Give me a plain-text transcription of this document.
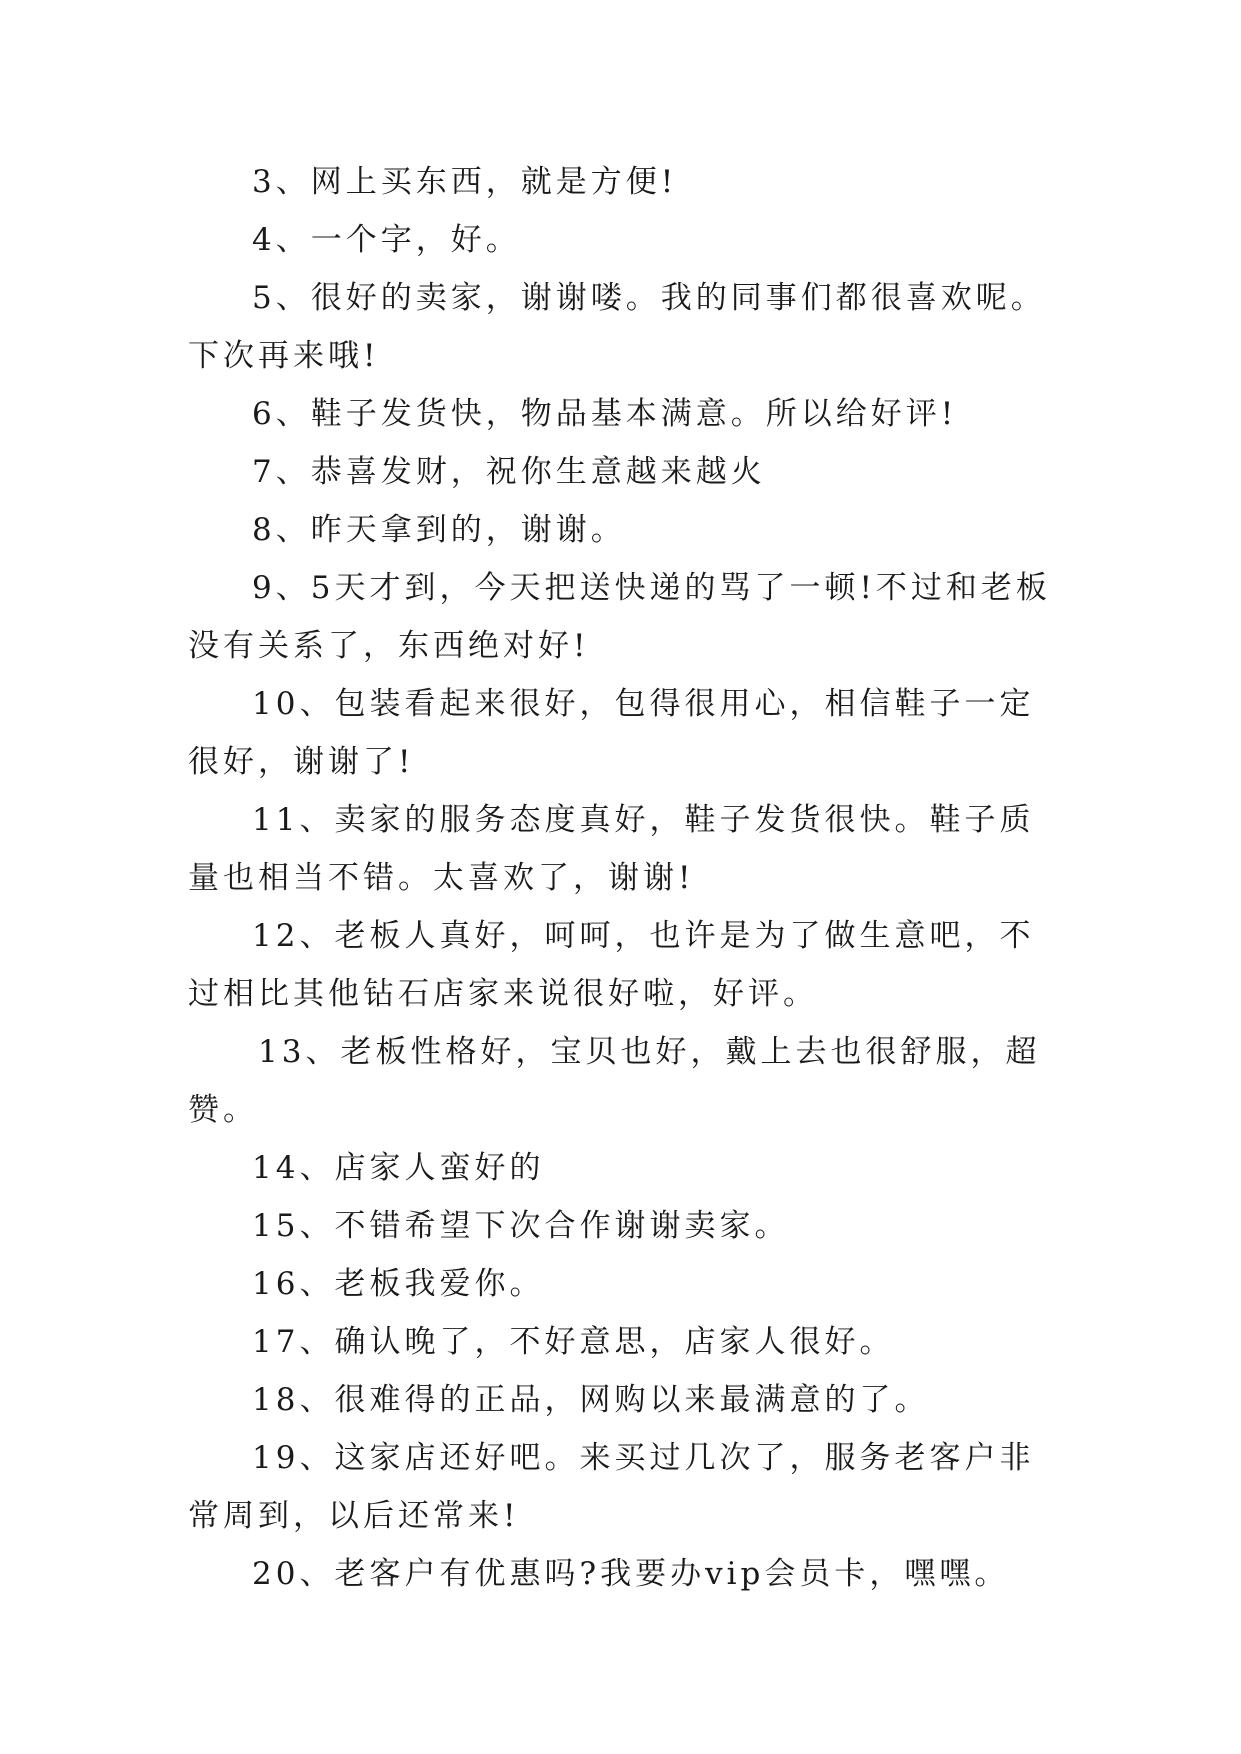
3、网上买东西，就是方便!

4、一个字，好。

5、很好的卖家，谢谢喽。我的同事们都很喜欢呢。下次再来哦!

6、鞋子发货快，物品基本满意。所以给好评!

7、恭喜发财，祝你生意越来越火

8、昨天拿到的，谢谢。

9、5天才到，今天把送快递的骂了一顿!不过和老板没有关系了，东西绝对好!

10、包装看起来很好，包得很用心，相信鞋子一定很好，谢谢了!

11、卖家的服务态度真好，鞋子发货很快。鞋子质量也相当不错。太喜欢了，谢谢!

12、老板人真好，呵呵，也许是为了做生意吧，不过相比其他钻石店家来说很好啦，好评。

13、老板性格好，宝贝也好，戴上去也很舒服，超赞。

14、店家人蛮好的

15、不错希望下次合作谢谢卖家。

16、老板我爱你。

17、确认晚了，不好意思，店家人很好。

18、很难得的正品，网购以来最满意的了。

19、这家店还好吧。来买过几次了，服务老客户非常周到，以后还常来!

20、老客户有优惠吗?我要办vip会员卡，嘿嘿。
